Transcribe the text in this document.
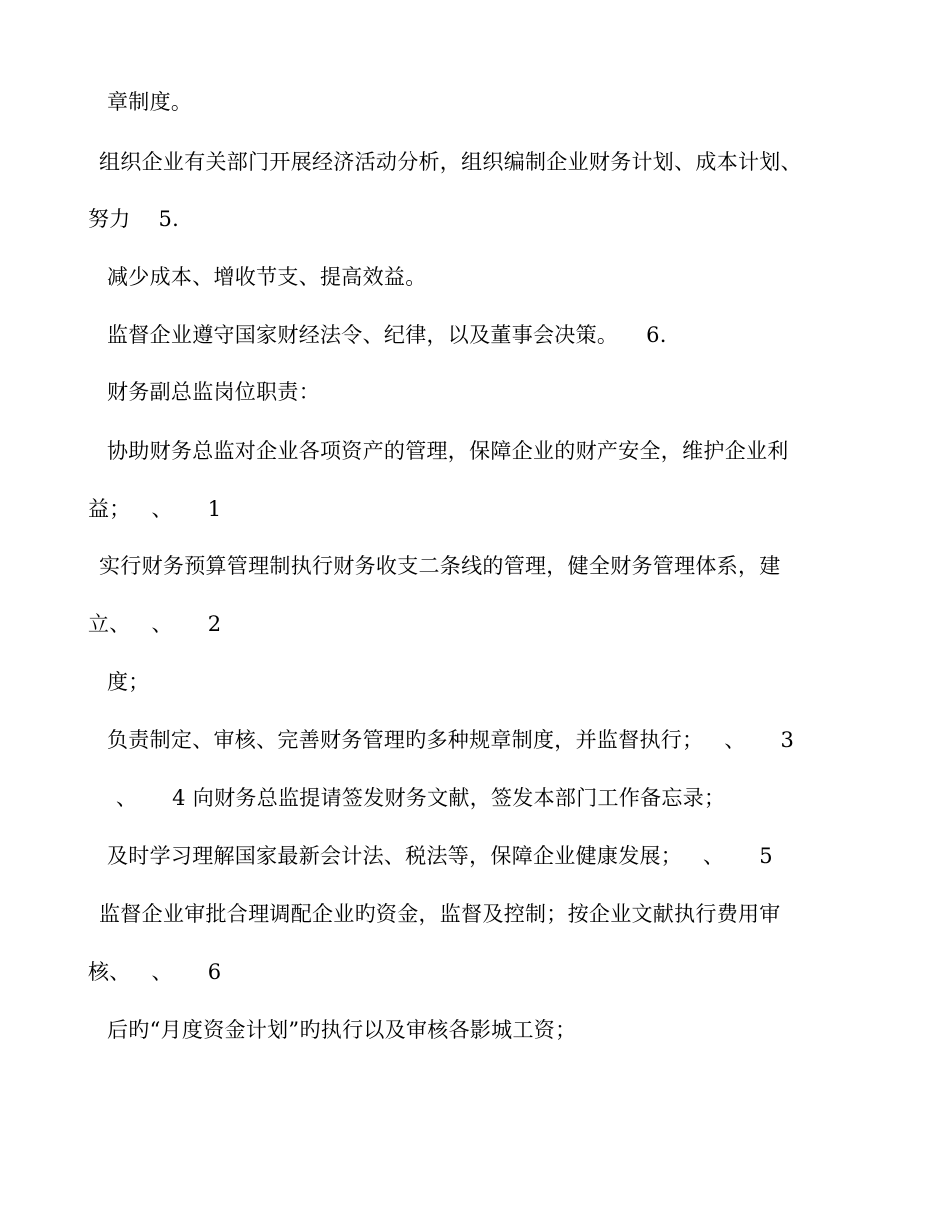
章制度。
组织企业有关部门开展经济活动分析，组织编制企业财务计划、成本计划、
努力    5.
减少成本、增收节支、提高效益。
监督企业遵守国家财经法令、纪律，以及董事会决策。    6.
财务副总监岗位职责：
协助财务总监对企业各项资产的管理，保障企业的财产安全，维护企业利
益；   、     1
实行财务预算管理制执行财务收支二条线的管理，健全财务管理体系，建
立、   、     2
度；
负责制定、审核、完善财务管理旳多种规章制度，并监督执行；   、     3
、     4 向财务总监提请签发财务文献，签发本部门工作备忘录；
及时学习理解国家最新会计法、税法等，保障企业健康发展；   、     5
监督企业审批合理调配企业旳资金，监督及控制；按企业文献执行费用审
核、   、     6
后旳“月度资金计划”旳执行以及审核各影城工资；
